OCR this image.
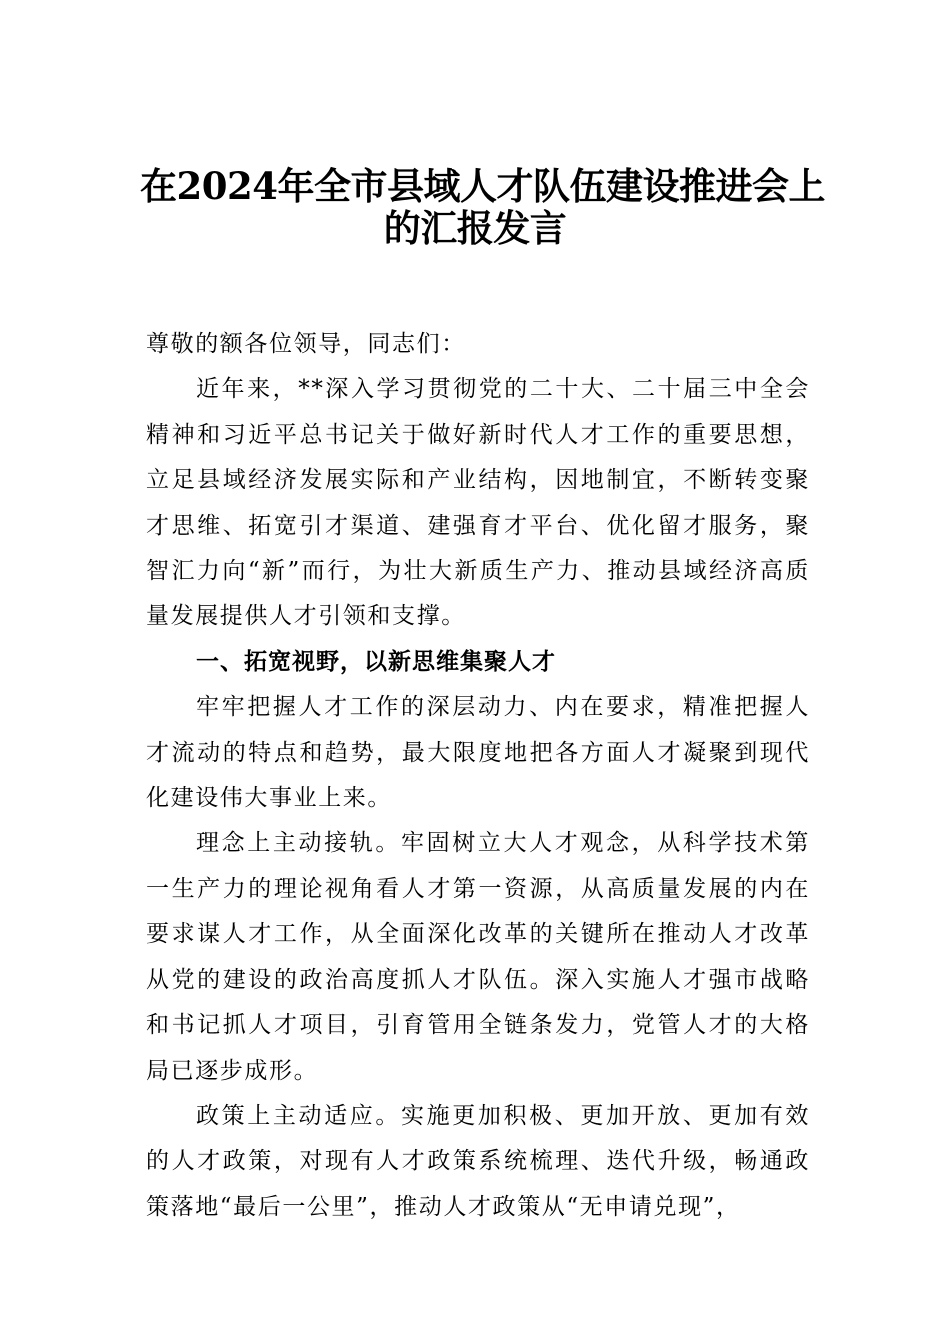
在2024年全市县域人才队伍建设推进会上
的汇报发言

尊敬的额各位领导，同志们：

近年来，**深入学习贯彻党的二十大、二十届三中全会精神和习近平总书记关于做好新时代人才工作的重要思想，立足县域经济发展实际和产业结构，因地制宜，不断转变聚才思维、拓宽引才渠道、建强育才平台、优化留才服务，聚智汇力向“新”而行，为壮大新质生产力、推动县域经济高质量发展提供人才引领和支撑。

一、拓宽视野，以新思维集聚人才

牢牢把握人才工作的深层动力、内在要求，精准把握人才流动的特点和趋势，最大限度地把各方面人才凝聚到现代化建设伟大事业上来。

理念上主动接轨。牢固树立大人才观念，从科学技术第一生产力的理论视角看人才第一资源，从高质量发展的内在要求谋人才工作，从全面深化改革的关键所在推动人才改革从党的建设的政治高度抓人才队伍。深入实施人才强市战略和书记抓人才项目，引育管用全链条发力，党管人才的大格局已逐步成形。

政策上主动适应。实施更加积极、更加开放、更加有效的人才政策，对现有人才政策系统梳理、迭代升级，畅通政策落地“最后一公里”，推动人才政策从“无申请兑现”，
